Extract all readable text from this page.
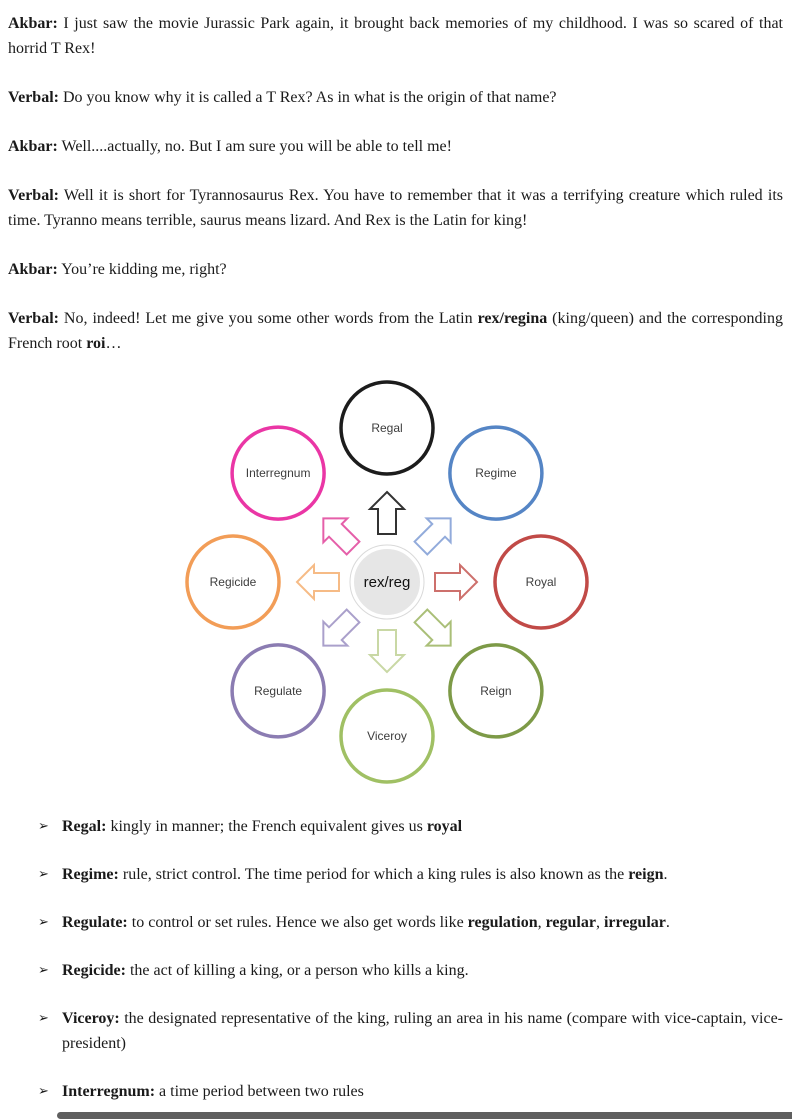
Akbar: I just saw the movie Jurassic Park again, it brought back memories of my childhood. I was so scared of that horrid T Rex!

Verbal: Do you know why it is called a T Rex? As in what is the origin of that name?

Akbar: Well....actually, no. But I am sure you will be able to tell me!

Verbal: Well it is short for Tyrannosaurus Rex. You have to remember that it was a terrifying creature which ruled its time. Tyranno means terrible, saurus means lizard. And Rex is the Latin for king!

Akbar: You’re kidding me, right?

Verbal: No, indeed! Let me give you some other words from the Latin rex/regina (king/queen) and the corresponding French root roi…

Regal
Regime
Royal
Reign
Viceroy
Regulate
Regicide
Interregnum
rex/reg
➢ Regal: kingly in manner; the French equivalent gives us royal
➢ Regime: rule, strict control. The time period for which a king rules is also known as the reign.
➢ Regulate: to control or set rules. Hence we also get words like regulation, regular, irregular.
➢ Regicide: the act of killing a king, or a person who kills a king.
➢ Viceroy: the designated representative of the king, ruling an area in his name (compare with vice-captain, vice-president)
➢ Interregnum: a time period between two rules
